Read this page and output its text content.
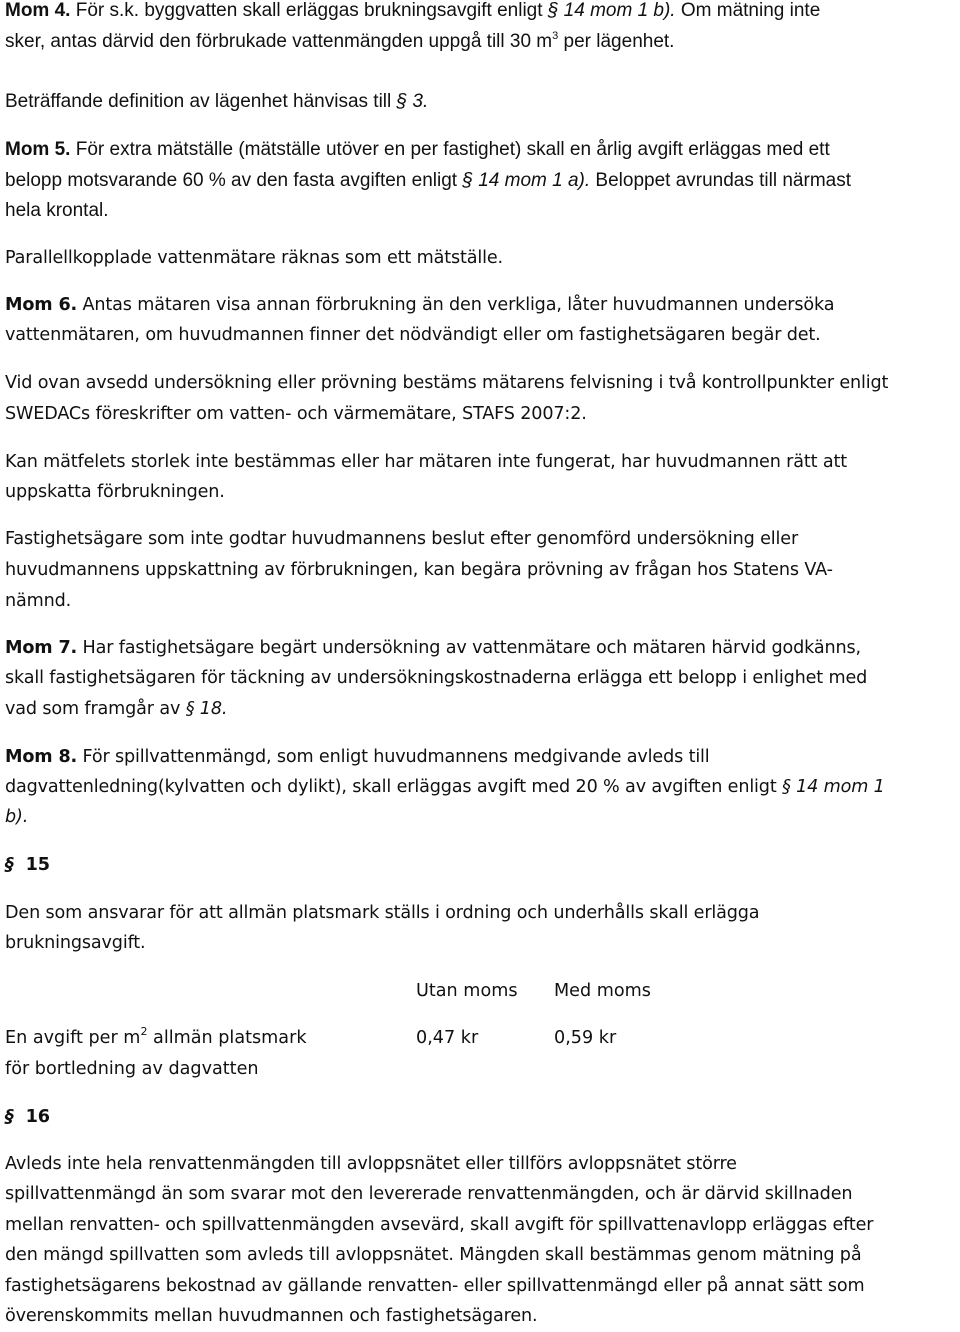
Mom 4. För s.k. byggvatten skall erläggas brukningsavgift enligt § 14 mom 1 b). Om mätning inte

sker, antas därvid den förbrukade vattenmängden uppgå till 30 $m^3$ per lägenhet.

Beträffande definition av lägenhet hänvisas till § 3.

Mom 5. För extra mätställe (mätställe utöver en per fastighet) skall en årlig avgift erläggas med ett

belopp motsvarande 60 % av den fasta avgiften enligt § 14 mom 1 a). Beloppet avrundas till närmast

hela krontal.

Parallellkopplade vattenmätare räknas som ett mätställe.

Mom 6. Antas mätaren visa annan förbrukning än den verkliga, låter huvudmannen undersöka

vattenmätaren, om huvudmannen finner det nödvändigt eller om fastighetsägaren begär det.

Vid ovan avsedd undersökning eller prövning bestäms mätarens felvisning i två kontrollpunkter enligt

SWEDACs föreskrifter om vatten- och värmemätare, STAFS 2007:2.

Kan mätfelets storlek inte bestämmas eller har mätaren inte fungerat, har huvudmannen rätt att

uppskatta förbrukningen.

Fastighetsägare som inte godtar huvudmannens beslut efter genomförd undersökning eller

huvudmannens uppskattning av förbrukningen, kan begära prövning av frågan hos Statens VA-

nämnd.

Mom 7. Har fastighetsägare begärt undersökning av vattenmätare och mätaren härvid godkänns,

skall fastighetsägaren för täckning av undersökningskostnaderna erlägga ett belopp i enlighet med

vad som framgår av § 18.

Mom 8. För spillvattenmängd, som enligt huvudmannens medgivande avleds till

dagvattenledning(kylvatten och dylikt), skall erläggas avgift med 20 % av avgiften enligt § 14 mom 1

b).

§ 15

Den som ansvarar för att allmän platsmark ställs i ordning och underhålls skall erlägga

brukningsavgift.

Utan moms Med moms
En avgift per $m^2$ allmän platsmark
för bortledning av dagvatten
0,47 kr	0,59 kr

§ 16

Avleds inte hela renvattenmängden till avloppsnätet eller tillförs avloppsnätet större

spillvattenmängd än som svarar mot den levererade renvattenmängden, och är därvid skillnaden

mellan renvatten- och spillvattenmängden avsevärd, skall avgift för spillvattenavlopp erläggas efter

den mängd spillvatten som avleds till avloppsnätet. Mängden skall bestämmas genom mätning på

fastighetsägarens bekostnad av gällande renvatten- eller spillvattenmängd eller på annat sätt som

överenskommits mellan huvudmannen och fastighetsägaren.
